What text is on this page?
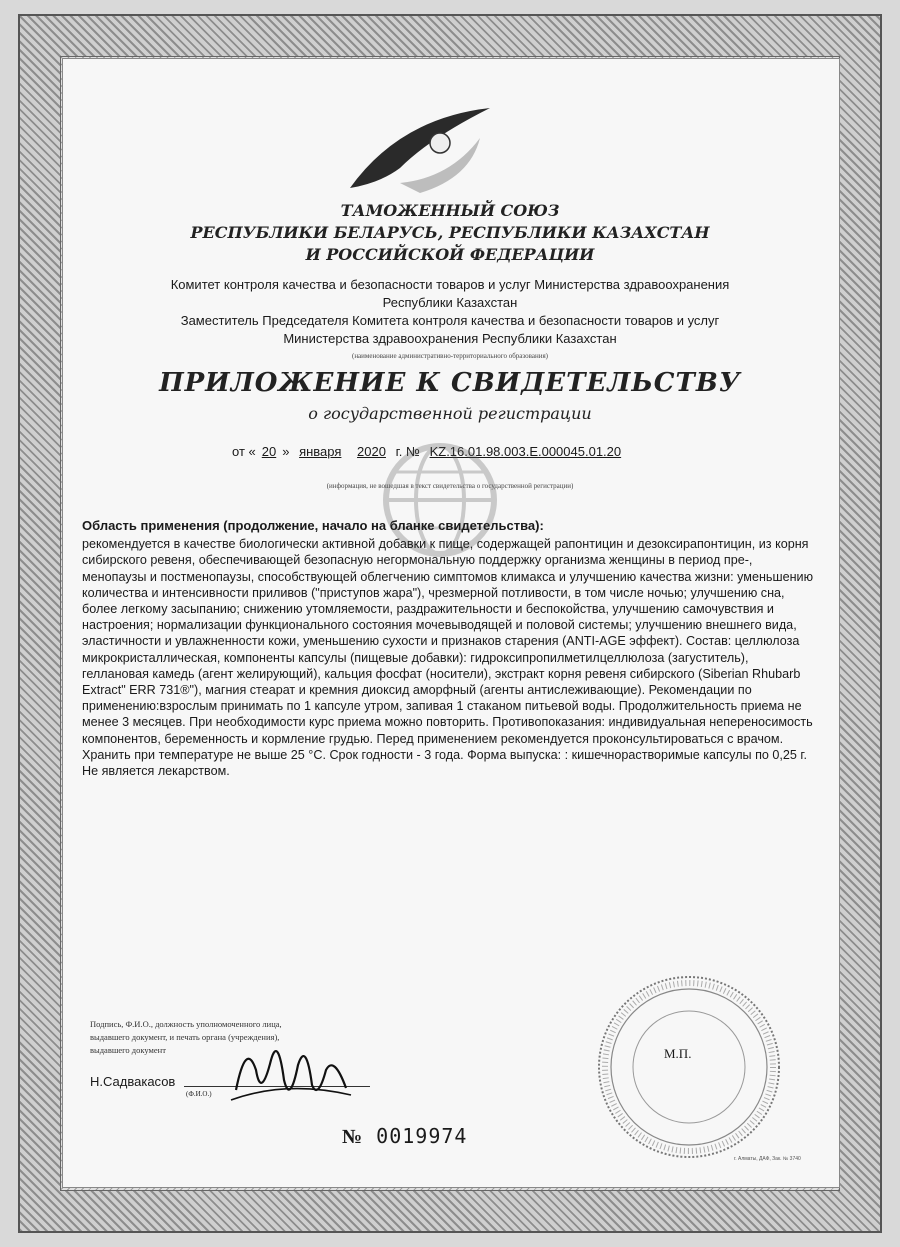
ТАМОЖЕННЫЙ СОЮЗ
РЕСПУБЛИКИ БЕЛАРУСЬ, РЕСПУБЛИКИ КАЗАХСТАН
И РОССИЙСКОЙ ФЕДЕРАЦИИ
Комитет контроля качества и безопасности товаров и услуг Министерства здравоохранения
Республики Казахстан
Заместитель Председателя Комитета контроля качества и безопасности товаров и услуг
Министерства здравоохранения Республики Казахстан
(наименование административно-территориального образования)
ПРИЛОЖЕНИЕ К СВИДЕТЕЛЬСТВУ
о государственной регистрации
от « 20 » января 2020 г. № KZ.16.01.98.003.E.000045.01.20
(информация, не вошедшая в текст свидетельства о государственной регистрации)
Область применения (продолжение, начало на бланке свидетельства):
рекомендуется в качестве биологически активной добавки к пище, содержащей рапонтицин и дезоксирапонтицин, из корня сибирского ревеня, обеспечивающей безопасную негормональную поддержку организма женщины в период пре-, менопаузы и постменопаузы, способствующей облегчению симптомов климакса и улучшению качества жизни: уменьшению количества и интенсивности приливов ("приступов жара"), чрезмерной потливости, в том числе ночью; улучшению сна, более легкому засыпанию; снижению утомляемости, раздражительности и беспокойства, улучшению самочувствия и настроения; нормализации функционального состояния мочевыводящей и половой системы; улучшению внешнего вида, эластичности и увлажненности кожи, уменьшению сухости и признаков старения (ANTI-AGE эффект). Состав: целлюлоза микрокристаллическая, компоненты капсулы (пищевые добавки): гидроксипропилметилцеллюлоза (загуститель), геллановая камедь (агент желирующий), кальция фосфат (носители), экстракт корня ревеня сибирского (Siberian Rhubarb Extract" ERR 731®"), магния стеарат и кремния диоксид аморфный (агенты антислеживающие). Рекомендации по применению:взрослым принимать по 1 капсуле утром, запивая 1 стаканом питьевой воды. Продолжительность приема не менее 3 месяцев. При необходимости курс приема можно повторить. Противопоказания: индивидуальная непереносимость компонентов, беременность и кормление грудью. Перед применением рекомендуется проконсультироваться с врачом. Хранить при температуре не выше 25 °С. Срок годности - 3 года. Форма выпуска: : кишечнорастворимые капсулы по 0,25 г. Не является лекарством.
Подпись, Ф.И.О., должность уполномоченного лица,
выдавшего документ, и печать органа (учреждения),
выдавшего документ
Н.Садвакасов
(Ф.И.О.)
М.П.
№ 0019974
г. Алматы, ДАФ, Зак. № 3740
